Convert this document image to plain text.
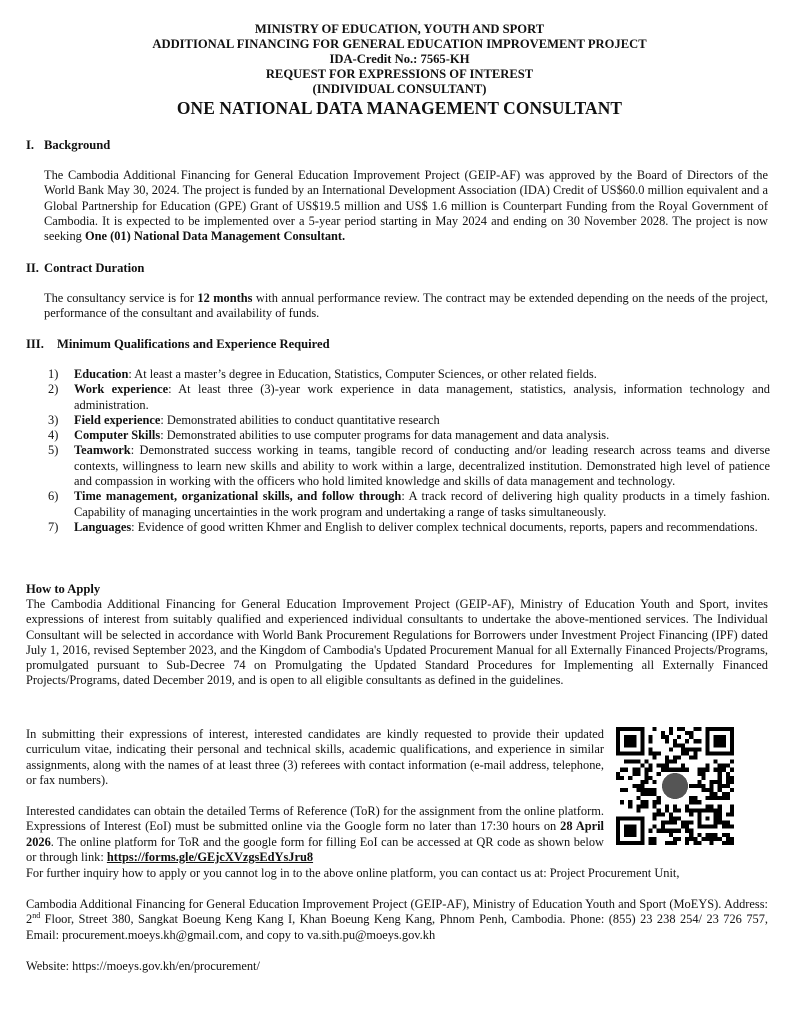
MINISTRY OF EDUCATION, YOUTH AND SPORT
ADDITIONAL FINANCING FOR GENERAL EDUCATION IMPROVEMENT PROJECT
IDA-Credit No.: 7565-KH
REQUEST FOR EXPRESSIONS OF INTEREST
(INDIVIDUAL CONSULTANT)
ONE NATIONAL DATA MANAGEMENT CONSULTANT
I. Background
The Cambodia Additional Financing for General Education Improvement Project (GEIP-AF) was approved by the Board of Directors of the World Bank May 30, 2024. The project is funded by an International Development Association (IDA) Credit of US$60.0 million equivalent and a Global Partnership for Education (GPE) Grant of US$19.5 million and US$ 1.6 million is Counterpart Funding from the Royal Government of Cambodia. It is expected to be implemented over a 5-year period starting in May 2024 and ending on 30 November 2028. The project is now seeking One (01) National Data Management Consultant.
II. Contract Duration
The consultancy service is for 12 months with annual performance review. The contract may be extended depending on the needs of the project, performance of the consultant and availability of funds.
III. Minimum Qualifications and Experience Required
1) Education: At least a master’s degree in Education, Statistics, Computer Sciences, or other related fields.
2) Work experience: At least three (3)-year work experience in data management, statistics, analysis, information technology and administration.
3) Field experience: Demonstrated abilities to conduct quantitative research
4) Computer Skills: Demonstrated abilities to use computer programs for data management and data analysis.
5) Teamwork: Demonstrated success working in teams, tangible record of conducting and/or leading research across teams and diverse contexts, willingness to learn new skills and ability to work within a large, decentralized institution. Demonstrated high level of patience and compassion in working with the officers who hold limited knowledge and skills of data management and technology.
6) Time management, organizational skills, and follow through: A track record of delivering high quality products in a timely fashion. Capability of managing uncertainties in the work program and undertaking a range of tasks simultaneously.
7) Languages: Evidence of good written Khmer and English to deliver complex technical documents, reports, papers and recommendations.
How to Apply
The Cambodia Additional Financing for General Education Improvement Project (GEIP-AF), Ministry of Education Youth and Sport, invites expressions of interest from suitably qualified and experienced individual consultants to undertake the above-mentioned services. The Individual Consultant will be selected in accordance with World Bank Procurement Regulations for Borrowers under Investment Project Financing (IPF) dated July 1, 2016, revised September 2023, and the Kingdom of Cambodia's Updated Procurement Manual for all Externally Financed Projects/Programs, promulgated pursuant to Sub-Decree 74 on Promulgating the Updated Standard Procedures for Implementing all Externally Financed Projects/Programs, dated December 2019, and is open to all eligible consultants as defined in the guidelines.
In submitting their expressions of interest, interested candidates are kindly requested to provide their updated curriculum vitae, indicating their personal and technical skills, academic qualifications, and experience in similar assignments, along with the names of at least three (3) referees with contact information (e-mail address, telephone, or fax numbers).
Interested candidates can obtain the detailed Terms of Reference (ToR) for the assignment from the online platform. Expressions of Interest (EoI) must be submitted online via the Google form no later than 17:30 hours on 28 April 2026. The online platform for ToR and the google form for filling EoI can be accessed at QR code as shown below or through link: https://forms.gle/GEjcXVzgsEdYsJru8
For further inquiry how to apply or you cannot log in to the above online platform, you can contact us at: Project Procurement Unit,
Cambodia Additional Financing for General Education Improvement Project (GEIP-AF), Ministry of Education Youth and Sport (MoEYS). Address: 2nd Floor, Street 380, Sangkat Boeung Keng Kang I, Khan Boeung Keng Kang, Phnom Penh, Cambodia. Phone: (855) 23 238 254/ 23 726 757, Email: procurement.moeys.kh@gmail.com, and copy to va.sith.pu@moeys.gov.kh
Website: https://moeys.gov.kh/en/procurement/
